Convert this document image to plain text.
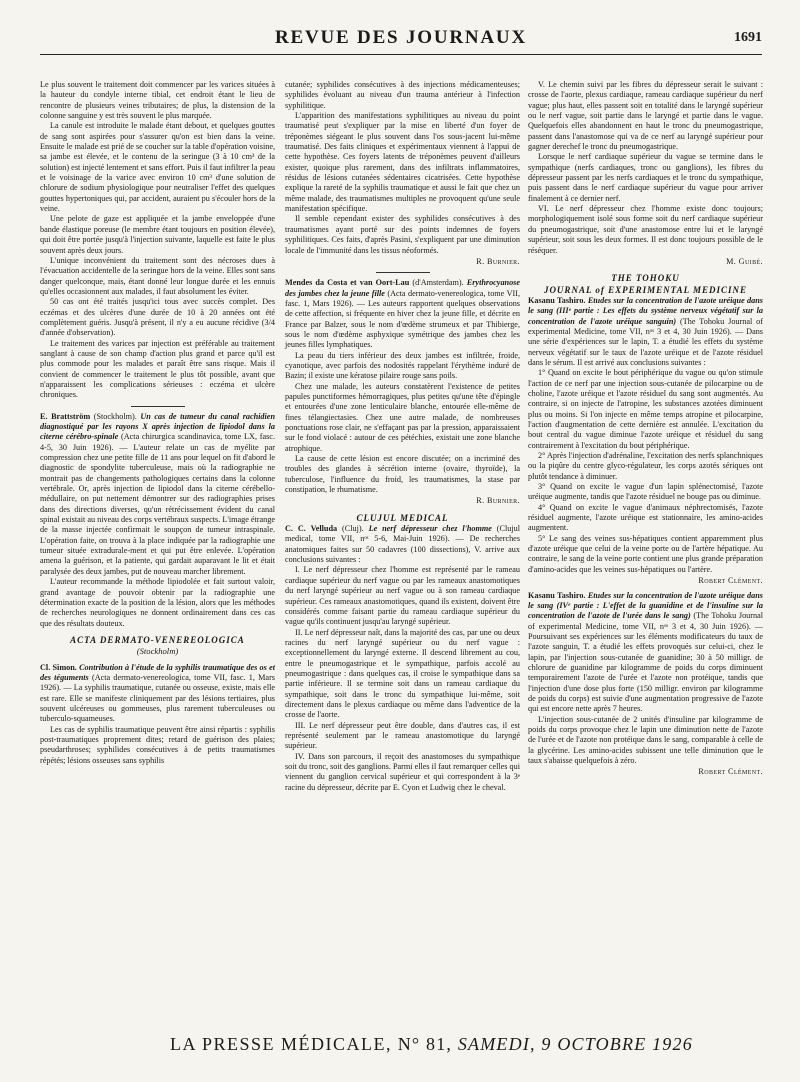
REVUE DES JOURNAUX	1691

Le plus souvent le traitement doit commencer par les varices situées à la hauteur du condyle interne tibial, cet endroit étant le lieu de rencontre de plusieurs veines tributaires; de plus, la distension de la colonne sanguine y est très souvent le plus marquée.

La canule est introduite le malade étant debout, et quelques gouttes de sang sont aspirées pour s'assurer qu'on est bien dans la veine. Ensuite le malade est prié de se coucher sur la table d'opération voisine, sa jambe est élevée, et le contenu de la seringue (3 à 10 cm³ de la solution) est injecté lentement et sans effort. Puis il faut infiltrer la peau et le voisinage de la varice avec environ 10 cm³ d'une solution de chlorure de sodium physiologique pour neutraliser l'effet des quelques gouttes hypertoniques qui, par accident, auraient pu s'écouler hors de la veine.

Une pelote de gaze est appliquée et la jambe enveloppée d'une bande élastique poreuse (le membre étant toujours en position élevée), qui doit être portée jusqu'à l'injection suivante, laquelle est faite le plus souvent après deux jours.

L'unique inconvénient du traitement sont des nécroses dues à l'évacuation accidentelle de la seringue hors de la veine. Elles sont sans danger quelconque, mais, étant donné leur longue durée et les ennuis qu'elles occasionnent aux malades, il faut absolument les éviter.

50 cas ont été traités jusqu'ici tous avec succès complet. Des eczémas et des ulcères d'une durée de 10 à 20 années ont été complètement guéris. Jusqu'à présent, il n'y a eu aucune récidive (3/4 d'année d'observation).

Le traitement des varices par injection est préférable au traitement sanglant à cause de son champ d'action plus grand et parce qu'il est plus commode pour les malades et paraît être sans risque. Mais il convient de commencer le traitement le plus tôt possible, avant que n'apparaissent les complications sérieuses : eczéma et ulcère chroniques.

E. Brattström (Stockholm). Un cas de tumeur du canal rachidien diagnostiqué par les rayons X après injection de lipiodol dans la citerne cérébro-spinale (Acta chirurgica scandinavica, tome LX, fasc. 4-5, 30 Juin 1926). — L'auteur relate un cas de myélite par compression chez une petite fille de 11 ans pour lequel on fit d'abord le diagnostic de spondylite tuberculeuse, mais où la radiographie ne montrait pas de changements pathologiques certains dans la colonne vertébrale. Or, après injection de lipiodol dans la citerne cérébello-médullaire, on put nettement démontrer sur des radiographies prises dans des directions diverses, qu'un rétrécissement évident du canal spinal existait au niveau des corps vertébraux suspects. L'image étrange de la masse injectée confirmait le soupçon de tumeur intraspinale. L'opération faite, on trouva à la place indiquée par la radiographie une tumeur située extradurale-ment et qui put être enlevée. L'opération amena la guérison, et la patiente, qui gardait auparavant le lit et était paralysée des deux jambes, put de nouveau marcher librement.

L'auteur recommande la méthode lipiodolée et fait surtout valoir, grand avantage de pouvoir obtenir par la radiographie une détermination exacte de la position de la lésion, alors que les méthodes de recherches neurologiques ne donnent ordinairement dans ces cas que des résultats douteux.

ACTA DERMATO-VENEREOLOGICA
(Stockholm)

Cl. Simon. Contribution à l'étude de la syphilis traumatique des os et des téguments (Acta dermato-venereologica, tome VII, fasc. 1, Mars 1926). — La syphilis traumatique, cutanée ou osseuse, existe, mais elle est rare. Elle se manifeste cliniquement par des lésions tertiaires, plus souvent ulcéreuses ou gommeuses, plus rarement tuberculeuses ou tuberculo-squameuses.

Les cas de syphilis traumatique peuvent être ainsi répartis : syphilis post-traumatiques proprement dites; retard de guérison des plaies; pseudarthroses; syphilides consécutives à de petits traumatismes répétés; lésions osseuses sans syphilis

cutanée; syphilides consécutives à des injections médicamenteuses; syphilides évoluant au niveau d'un trauma antérieur à l'infection syphilitique.

L'apparition des manifestations syphilitiques au niveau du point traumatisé peut s'expliquer par la mise en liberté d'un foyer de tréponèmes siégeant le plus souvent dans l'os sous-jacent lui-même traumatisé. Des faits cliniques et expérimentaux viennent à l'appui de cette hypothèse. Ces foyers latents de tréponèmes peuvent d'ailleurs exister, quoique plus rarement, dans des infiltrats inflammatoires, résidus de lésions cutanées sédentaires cicatrisées. Cette hypothèse explique la rareté de la syphilis traumatique et aussi le fait que chez un même malade, des traumatismes multiples ne provoquent qu'une seule manifestation spécifique.

Il semble cependant exister des syphilides consécutives à des traumatismes ayant porté sur des points indemnes de foyers syphilitiques. Ces faits, d'après Pasini, s'expliquent par une diminution locale de l'immunité dans les tissus néoformés.

R. Burnier.

Mendes da Costa et van Oort-Lau (d'Amsterdam). Erythrocyanose des jambes chez la jeune fille (Acta dermato-venereologica, tome VII, fasc. 1, Mars 1926). — Les auteurs rapportent quelques observations de cette affection, si fréquente en hiver chez la jeune fille, et décrite en France par Balzer, sous le nom d'œdème strumeux et par Thibierge, sous le nom d'œdème asphyxique symétrique des jambes chez les jeunes filles lymphatiques.

La peau du tiers inférieur des deux jambes est infiltrée, froide, cyanotique, avec parfois des nodosités rappelant l'érythème induré de Bazin; il existe une kératose pilaire rouge sans poils.

Chez une malade, les auteurs constatèrent l'existence de petites papules punctiformes hémorragiques, plus petites qu'une tête d'épingle et entourées d'une zone lenticulaire blanche, entourée elle-même de fines télangiectasies. Chez une autre malade, de nombreuses ponctuations rose clair, ne s'effaçant pas par la pression, apparaissaient sur le fond violacé : autour de ces pétéchies, existait une zone blanche atrophique.

La cause de cette lésion est encore discutée; on a incriminé des troubles des glandes à sécrétion interne (ovaire, thyroïde), la tuberculose, l'influence du froid, les traumatismes, la stase par constipation, le rhumatisme.

R. Burnier.

CLUJUL MEDICAL

C. C. Velluda (Cluj). Le nerf dépresseur chez l'homme (Clujul medical, tome VII, nᵒˢ 5-6, Mai-Juin 1926). — De recherches anatomiques faites sur 50 cadavres (100 dissections), V. arrive aux conclusions suivantes :

I. Le nerf dépresseur chez l'homme est représenté par le rameau cardiaque supérieur du nerf vague ou par les rameaux anastomotiques du nerf laryngé supérieur au nerf vague ou à son rameau cardiaque supérieur. Ces rameaux anastomotiques, quand ils existent, doivent être considérés comme faisant partie du rameau cardiaque supérieur du vague qu'ils continuent jusqu'au laryngé supérieur.

II. Le nerf dépresseur naît, dans la majorité des cas, par une ou deux racines du nerf laryngé supérieur ou du nerf vague : exceptionnellement du laryngé externe. Il descend librement au cou, entre le pneumogastrique et le sympathique, parfois accolé au pneumogastrique : dans quelques cas, il croise le sympathique dans sa partie inférieure. Il se termine soit dans un rameau cardiaque du sympathique, soit dans le tronc du sympathique lui-même, soit directement dans le plexus cardiaque ou même dans l'adventice de la crosse de l'aorte.

III. Le nerf dépresseur peut être double, dans d'autres cas, il est représenté seulement par le rameau anastomotique du laryngé supérieur.

IV. Dans son parcours, il reçoit des anastomoses du sympathique soit du tronc, soit des ganglions. Parmi elles il faut remarquer celles qui viennent du ganglion cervical supérieur et qui correspondent à la 3ᵉ racine du dépresseur, décrite par E. Cyon et Ludwig chez le cheval.

V. Le chemin suivi par les fibres du dépresseur serait le suivant : crosse de l'aorte, plexus cardiaque, rameau cardiaque supérieur du nerf vague; plus haut, elles passent soit en totalité dans le laryngé supérieur ou le nerf vague, soit partie dans le laryngé et partie dans le vague. Quelquefois elles abandonnent en haut le tronc du pneumogastrique, passent dans l'anastomose qui va de ce nerf au laryngé supérieur pour gagner derechef le tronc du pneumogastrique.

Lorsque le nerf cardiaque supérieur du vague se termine dans le sympathique (nerfs cardiaques, tronc ou ganglions), les fibres du dépresseur passent par les nerfs cardiaques et le tronc du sympathique, puis passent dans le nerf cardiaque supérieur du vague pour arriver finalement à ce dernier nerf.

VI. Le nerf dépresseur chez l'homme existe donc toujours; morphologiquement isolé sous forme soit du nerf cardiaque supérieur du pneumogastrique, soit d'une anastomose entre lui et le laryngé supérieur, soit sous les deux formes. Il est donc toujours possible de le réséquer.

M. Guibé.

THE TOHOKU
JOURNAL of EXPERIMENTAL MEDICINE

Kasanu Tashiro. Etudes sur la concentration de l'azote uréique dans le sang (IIIᵉ partie : Les effets du système nerveux végétatif sur la concentration de l'azote uréique sanguin) (The Tohoku Journal of experimental Medicine, tome VII, nᵒˢ 3 et 4, 30 Juin 1926). — Dans une série d'expériences sur le lapin, T. a étudié les effets du système nerveux végétatif sur le taux de l'azote uréique et de l'azote résiduel dans le sérum. Il est arrivé aux conclusions suivantes :

1° Quand on excite le bout périphérique du vague ou qu'on stimule l'action de ce nerf par une injection sous-cutanée de pilocarpine ou de choline, l'azote uréique et l'azote résiduel du sang sont augmentés. Au contraire, si on injecte de l'atropine, les substances azotées diminuent plus ou moins. Si l'on injecte en même temps atropine et pilocarpine, l'action d'augmentation de cette dernière est annulée. L'excitation du bout central du vague diminue l'azote uréique et résiduel du sang contrairement à l'excitation du bout périphérique.

2° Après l'injection d'adrénaline, l'excitation des nerfs splanchniques ou la piqûre du centre glyco-régulateur, les corps azotés sériques ont plutôt tendance à diminuer.

3° Quand on excite le vague d'un lapin splénectomisé, l'azote uréique augmente, tandis que l'azote résiduel ne bouge pas ou diminue.

4° Quand on excite le vague d'animaux néphrectomisés, l'azote résiduel augmente, l'azote uréique est stationnaire, les amino-acides augmentent.

5° Le sang des veines sus-hépatiques contient apparemment plus d'azote uréique que celui de la veine porte ou de l'artère hépatique. Au contraire, le sang de la veine porte contient une plus grande préparation d'amino-acides que les veines sus-hépatiques ou l'artère.

Robert Clément.

Kasanu Tashiro. Etudes sur la concentration de l'azote uréique dans le sang (IVᵉ partie : L'effet de la guanidine et de l'insuline sur la concentration de l'azote de l'urée dans le sang) (The Tohoku Journal of experimental Medicine, tome VII, nᵒˢ 3 et 4, 30 Juin 1926). — Poursuivant ses expériences sur les éléments modificateurs du taux de l'azote sanguin, T. a étudié les effets provoqués sur celui-ci, chez le lapin, par l'injection sous-cutanée de guanidine; 30 à 50 milligr. de chlorure de guanidine par kilogramme de poids du corps diminuent temporairement l'azote de l'urée et l'azote non protéique, tandis que l'injection d'une dose plus forte (150 milligr. environ par kilogramme de poids du corps) est suivie d'une augmentation progressive de l'azote qui est encore nette après 7 heures.

L'injection sous-cutanée de 2 unités d'insuline par kilogramme de poids du corps provoque chez le lapin une diminution nette de l'azote de l'urée et de l'azote non protéique dans le sang, comparable à celle de la glycérine. Les amino-acides subissent une telle diminution que le taux s'abaisse quelquefois à zéro.

Robert Clément.

LA PRESSE MÉDICALE, N° 81, SAMEDI, 9 OCTOBRE 1926
